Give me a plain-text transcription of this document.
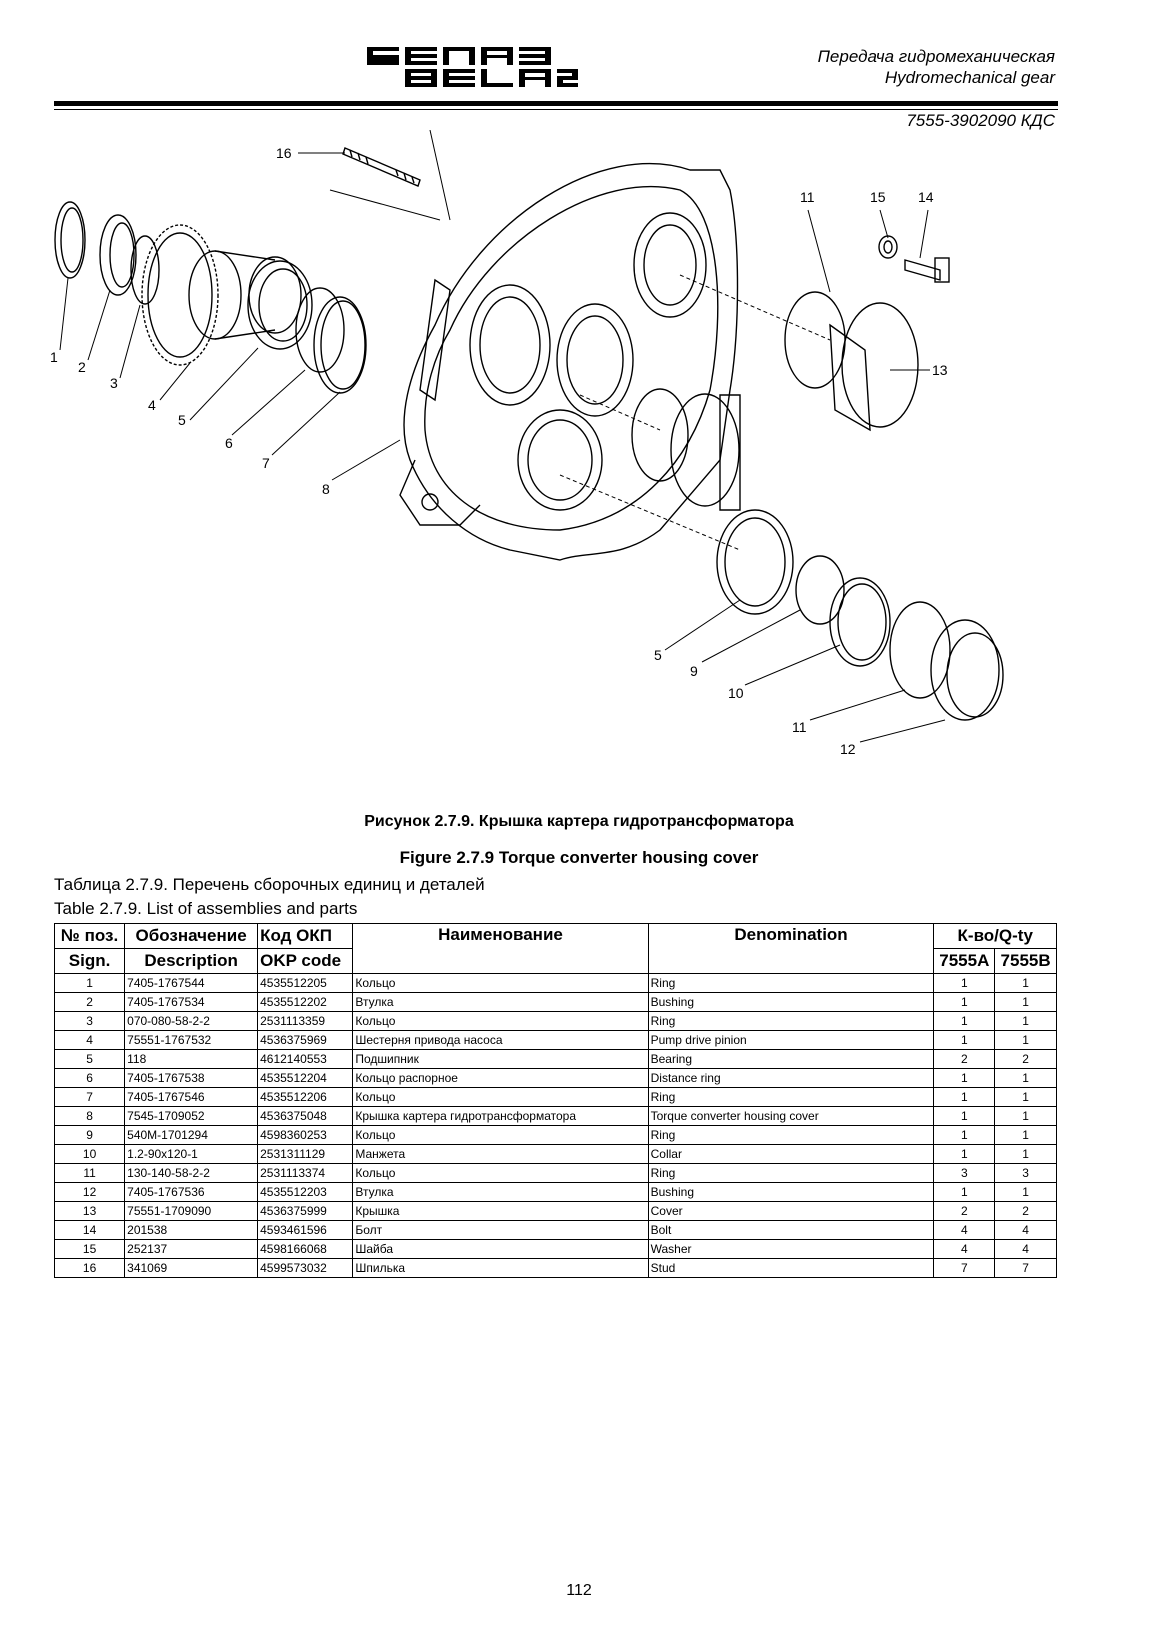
Передача гидромеханическая
Hydromechanical gear
7555-3902090 КДС
16
1
2
3
4
5
6
7
8
11	15 14
13
5
9
10
11
12
Рисунок 2.7.9. Крышка картера гидротрансформатора
Figure 2.7.9 Torque converter housing cover
Таблица 2.7.9. Перечень сборочных единиц и деталей
Table 2.7.9. List of assemblies and parts
№ поз.	Обозначение	Код ОКП	Наименование	Denomination	К-во/Q-ty	
Sign.	Description	OKP code			7555A	7555B
1	7405-1767544	4535512205	Кольцо	Ring	1	1
2	7405-1767534	4535512202	Втулка	Bushing	1	1
3	070-080-58-2-2	2531113359	Кольцо	Ring	1	1
4	75551-1767532	4536375969	Шестерня привода насоса	Pump drive pinion	1	1
5	118	4612140553	Подшипник	Bearing	2	2
6	7405-1767538	4535512204	Кольцо распорное	Distance ring	1	1
7	7405-1767546	4535512206	Кольцо	Ring	1	1
8	7545-1709052	4536375048	Крышка картера гидротрансформатора	Torque converter housing cover	1	1
9	540M-1701294	4598360253	Кольцо	Ring	1	1
10	1.2-90x120-1	2531311129	Манжета	Collar	1	1
11	130-140-58-2-2	2531113374	Кольцо	Ring	3	3
12	7405-1767536	4535512203	Втулка	Bushing	1	1
13	75551-1709090	4536375999	Крышка	Cover	2	2
14	201538	4593461596	Болт	Bolt	4	4
15	252137	4598166068	Шайба	Washer	4	4
16	341069	4599573032	Шпилька	Stud	7	7
112
